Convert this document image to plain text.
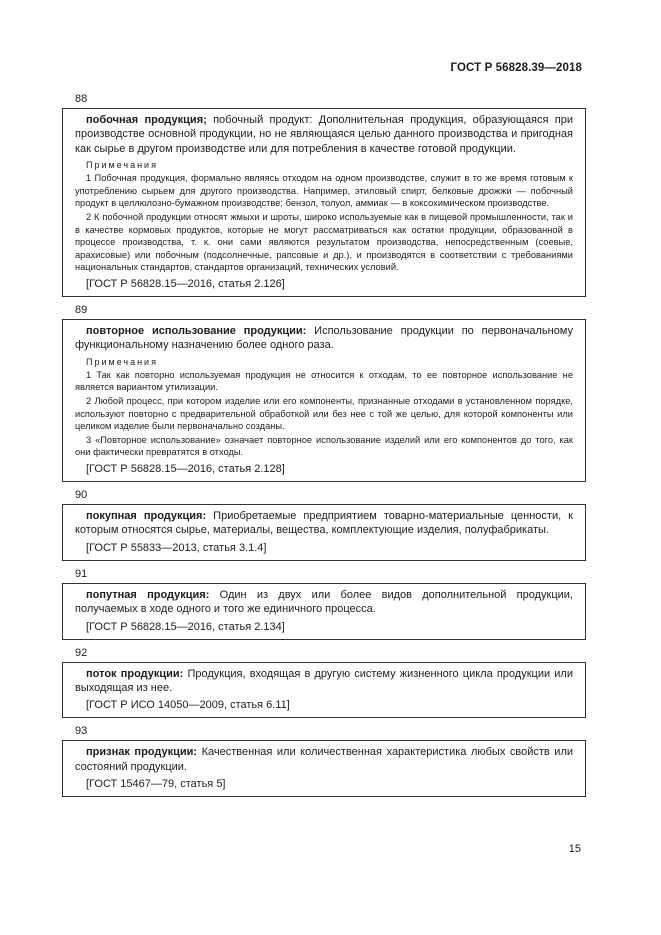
ГОСТ Р 56828.39—2018
88
побочная продукция; побочный продукт: Дополнительная продукция, образующаяся при производстве основной продукции, но не являющаяся целью данного производства и пригодная как сырье в другом производстве или для потребления в качестве готовой продукции.
Примечания
1 Побочная продукция, формально являясь отходом на одном производстве, служит в то же время готовым к употреблению сырьем для другого производства. Например, этиловый спирт, белковые дрожжи — побочный продукт в целлюлозно-бумажном производстве; бензол, толуол, аммиак — в коксохимическом производстве.
2 К побочной продукции относят жмыхи и шроты, широко используемые как в пищевой промышленности, так и в качестве кормовых продуктов, которые не могут рассматриваться как остатки продукции, образованной в процессе производства, т. к. они сами являются результатом производства, непосредственным (соевые, арахисовые) или побочным (подсолнечные, рапсовые и др.), и производятся в соответствии с требованиями национальных стандартов, стандартов организаций, технических условий.
[ГОСТ Р 56828.15—2016, статья 2.126]
89
повторное использование продукции: Использование продукции по первоначальному функциональному назначению более одного раза.
Примечания
1 Так как повторно используемая продукция не относится к отходам, то ее повторное использование не является вариантом утилизации.
2 Любой процесс, при котором изделие или его компоненты, признанные отходами в установленном порядке, используют повторно с предварительной обработкой или без нее с той же целью, для которой компоненты или целиком изделие были первоначально созданы.
3 «Повторное использование» означает повторное использование изделий или его компонентов до того, как они фактически превратятся в отходы.
[ГОСТ Р 56828.15—2016, статья 2.128]
90
покупная продукция: Приобретаемые предприятием товарно-материальные ценности, к которым относятся сырье, материалы, вещества, комплектующие изделия, полуфабрикаты.
[ГОСТ Р 55833—2013, статья 3.1.4]
91
попутная продукция: Один из двух или более видов дополнительной продукции, получаемых в ходе одного и того же единичного процесса.
[ГОСТ Р 56828.15—2016, статья 2.134]
92
поток продукции: Продукция, входящая в другую систему жизненного цикла продукции или выходящая из нее.
[ГОСТ Р ИСО 14050—2009, статья 6.11]
93
признак продукции: Качественная или количественная характеристика любых свойств или состояний продукции.
[ГОСТ 15467—79, статья 5]
15
